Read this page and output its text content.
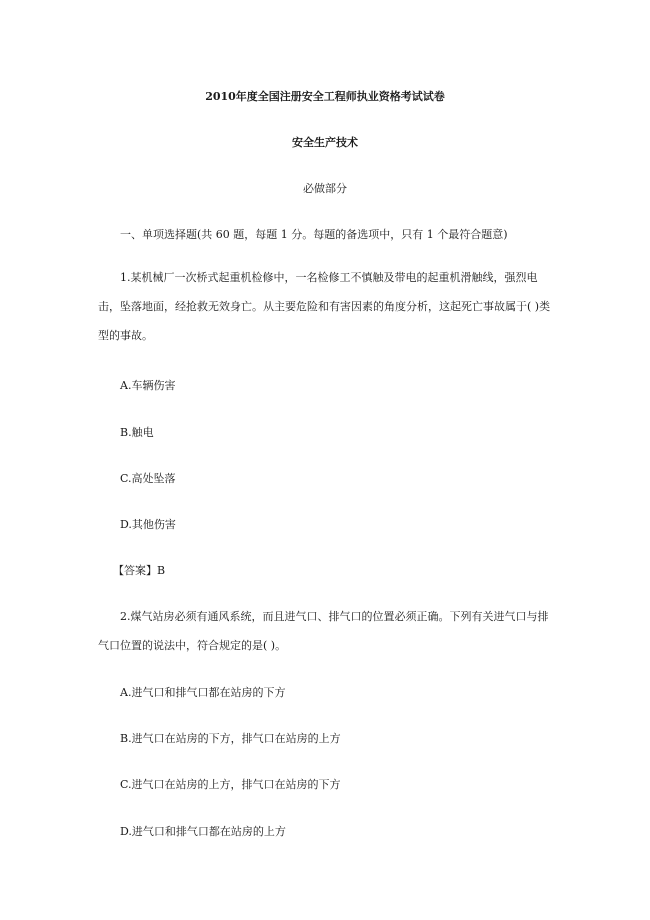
2010年度全国注册安全工程师执业资格考试试卷
安全生产技术
必做部分
一、单项选择题(共 60 题，每题 1 分。每题的备选项中，只有 1 个最符合题意)
1.某机械厂一次桥式起重机检修中，一名检修工不慎触及带电的起重机滑触线，强烈电击，坠落地面，经抢救无效身亡。从主要危险和有害因素的角度分析，这起死亡事故属于( )类型的事故。
A.车辆伤害
B.触电
C.高处坠落
D.其他伤害
【答案】B
2.煤气站房必须有通风系统，而且进气口、排气口的位置必须正确。下列有关进气口与排气口位置的说法中，符合规定的是( )。
A.进气口和排气口都在站房的下方
B.进气口在站房的下方，排气口在站房的上方
C.进气口在站房的上方，排气口在站房的下方
D.进气口和排气口都在站房的上方
